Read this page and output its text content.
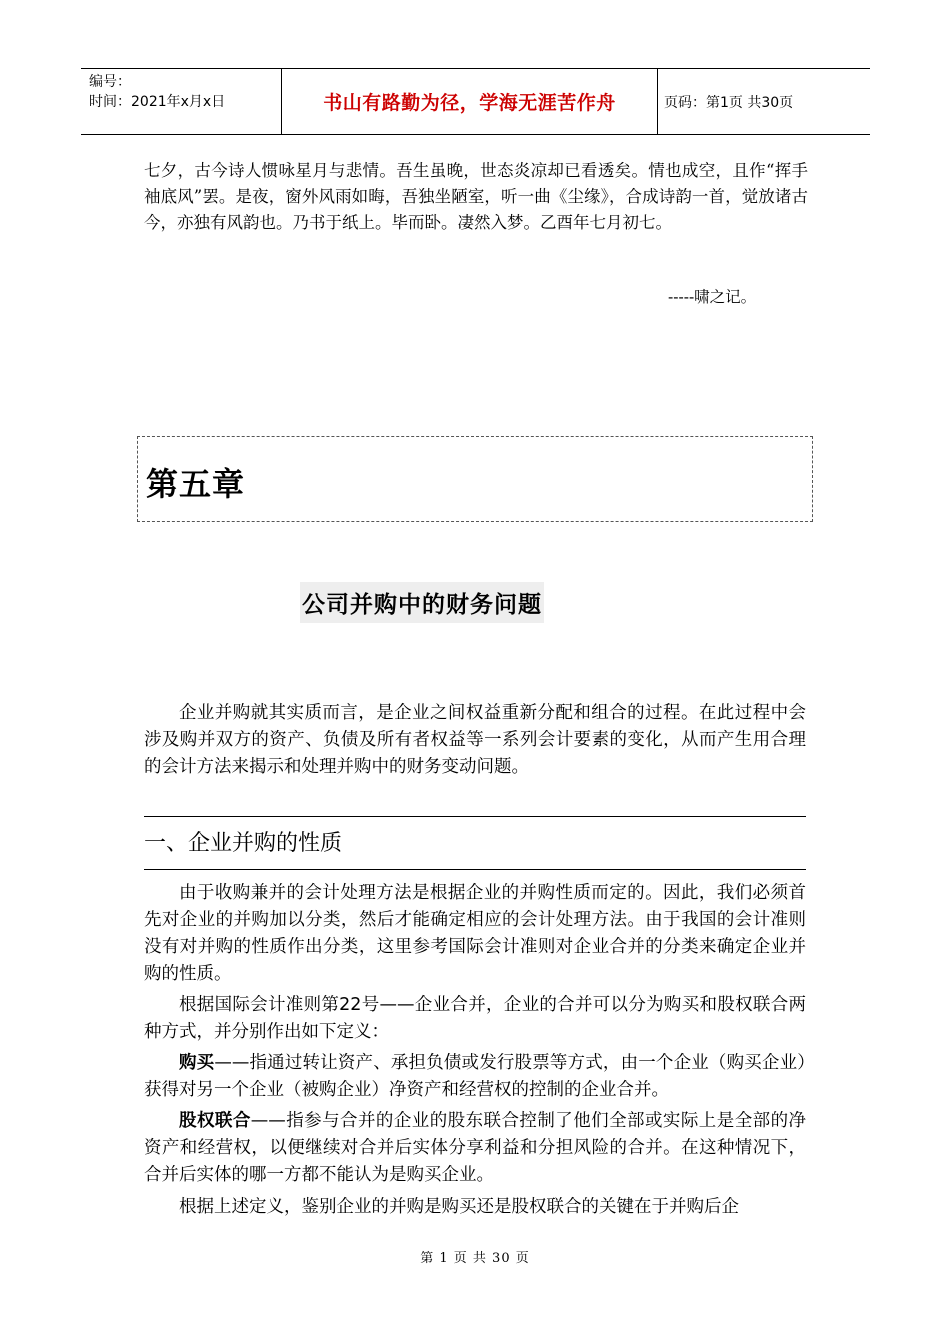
编号：
时间：2021年x月x日	书山有路勤为径，学海无涯苦作舟	页码：第1页 共30页
七夕，古今诗人惯咏星月与悲情。吾生虽晚，世态炎凉却已看透矣。情也成空，且作“挥手袖底风”罢。是夜，窗外风雨如晦，吾独坐陋室，听一曲《尘缘》，合成诗韵一首，觉放诸古今，亦独有风韵也。乃书于纸上。毕而卧。凄然入梦。乙酉年七月初七。
-----啸之记。
第五章
公司并购中的财务问题

企业并购就其实质而言，是企业之间权益重新分配和组合的过程。在此过程中会涉及购并双方的资产、负债及所有者权益等一系列会计要素的变化，从而产生用合理的会计方法来揭示和处理并购中的财务变动问题。

一、企业并购的性质

由于收购兼并的会计处理方法是根据企业的并购性质而定的。因此，我们必须首先对企业的并购加以分类，然后才能确定相应的会计处理方法。由于我国的会计准则没有对并购的性质作出分类，这里参考国际会计准则对企业合并的分类来确定企业并购的性质。

根据国际会计准则第22号——企业合并，企业的合并可以分为购买和股权联合两种方式，并分别作出如下定义：

购买——指通过转让资产、承担负债或发行股票等方式，由一个企业（购买企业）获得对另一个企业（被购企业）净资产和经营权的控制的企业合并。

股权联合——指参与合并的企业的股东联合控制了他们全部或实际上是全部的净资产和经营权，以便继续对合并后实体分享利益和分担风险的合并。在这种情况下，合并后实体的哪一方都不能认为是购买企业。

根据上述定义，鉴别企业的并购是购买还是股权联合的关键在于并购后企

第 1 页 共 30 页
